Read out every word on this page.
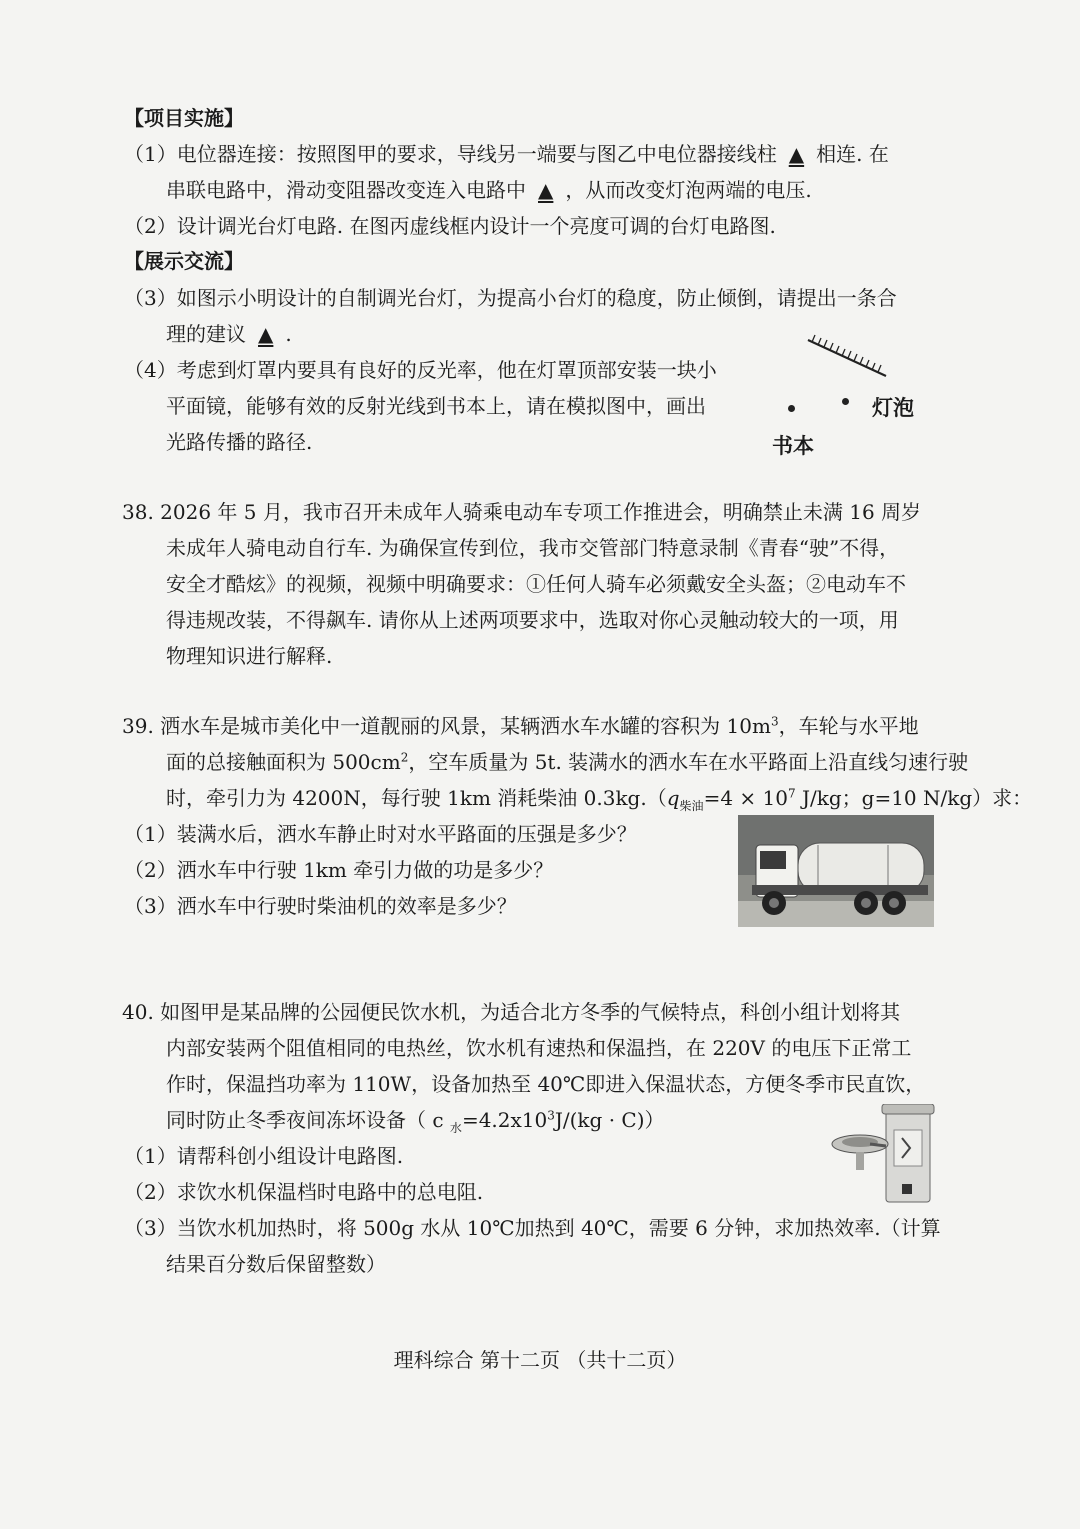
【项目实施】
（1）电位器连接：按照图甲的要求，导线另一端要与图乙中电位器接线柱 ▲ 相连. 在
串联电路中，滑动变阻器改变连入电路中 ▲ ，从而改变灯泡两端的电压.
（2）设计调光台灯电路. 在图丙虚线框内设计一个亮度可调的台灯电路图.
【展示交流】
（3）如图示小明设计的自制调光台灯，为提高小台灯的稳度，防止倾倒，请提出一条合
理的建议 ▲ .
（4）考虑到灯罩内要具有良好的反光率，他在灯罩顶部安装一块小
平面镜，能够有效的反射光线到书本上，请在模拟图中，画出
光路传播的路径.
灯泡
书本
38. 2026 年 5 月，我市召开未成年人骑乘电动车专项工作推进会，明确禁止未满 16 周岁
未成年人骑电动自行车. 为确保宣传到位，我市交管部门特意录制《青春“驶”不得，
安全才酷炫》的视频，视频中明确要求：①任何人骑车必须戴安全头盔；②电动车不
得违规改装，不得飙车. 请你从上述两项要求中，选取对你心灵触动较大的一项，用
物理知识进行解释.
39. 洒水车是城市美化中一道靓丽的风景，某辆洒水车水罐的容积为 $10m^3$，车轮与水平地
面的总接触面积为 $500cm^2$，空车质量为 5t. 装满水的洒水车在水平路面上沿直线匀速行驶
时，牵引力为 4200N，每行驶 1km 消耗柴油 $0.3kg.(q_{柴油}=4 \times 10^7$ J/kg；g=10 N/kg）求：
（1）装满水后，洒水车静止时对水平路面的压强是多少？
（2）洒水车中行驶 1km 牵引力做的功是多少？
（3）洒水车中行驶时柴油机的效率是多少？
40. 如图甲是某品牌的公园便民饮水机，为适合北方冬季的气候特点，科创小组计划将其
内部安装两个阻值相同的电热丝，饮水机有速热和保温挡，在 220V 的电压下正常工
作时，保温挡功率为 110W，设备加热至 40℃即进入保温状态，方便冬季市民直饮，
同时防止冬季夜间冻坏设备（ c $_水=4.2x10^3J/(kg \cdot C)$）
（1）请帮科创小组设计电路图.
（2）求饮水机保温档时电路中的总电阻.
（3）当饮水机加热时，将 500g 水从 10℃加热到 40℃，需要 6 分钟，求加热效率.（计算
结果百分数后保留整数）
理科综合 第十二页 （共十二页）
